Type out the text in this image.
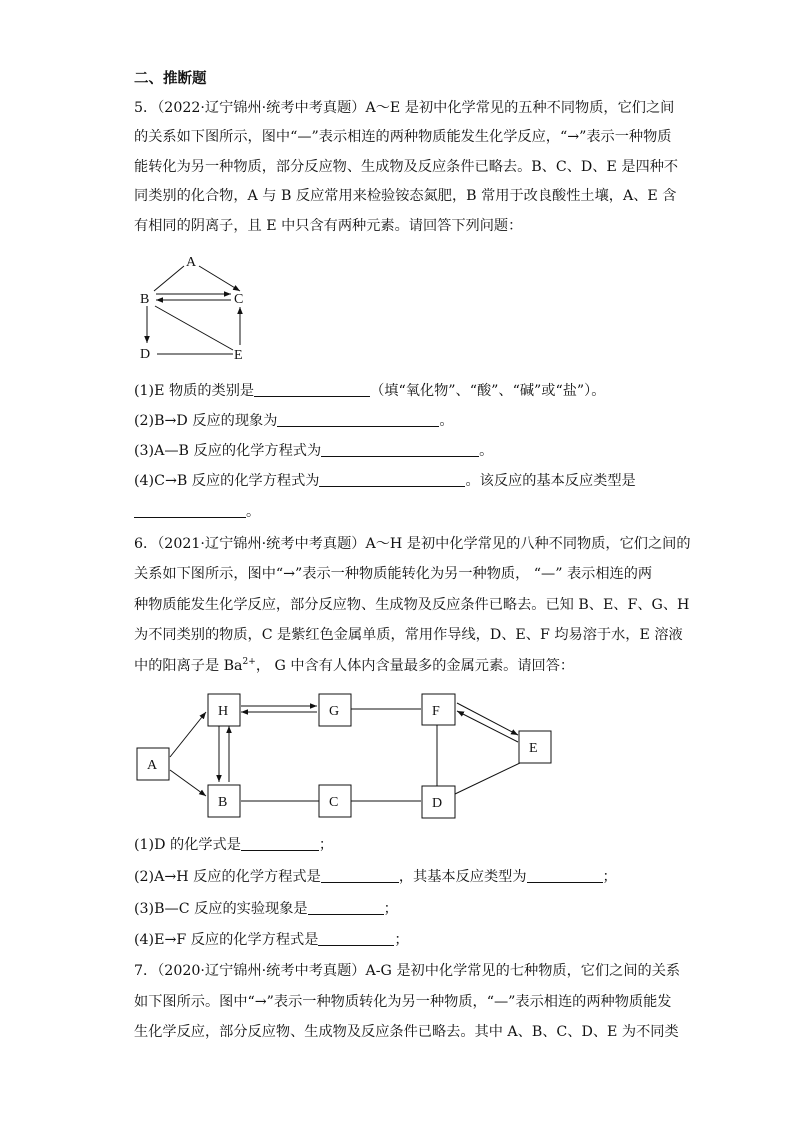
二、推断题
5．（2022·辽宁锦州·统考中考真题）A～E 是初中化学常见的五种不同物质，它们之间
的关系如下图所示，图中“—”表示相连的两种物质能发生化学反应，“→”表示一种物质
能转化为另一种物质，部分反应物、生成物及反应条件已略去。B、C、D、E 是四种不
同类别的化合物，A 与 B 反应常用来检验铵态氮肥，B 常用于改良酸性土壤，A、E 含
有相同的阴离子，且 E 中只含有两种元素。请回答下列问题：
A
B	C
D	E
(1)E 物质的类别是	（填“氧化物”、“酸”、“碱”或“盐”）。
(2)B→D 反应的现象为	。
(3)A—B 反应的化学方程式为	。
(4)C→B 反应的化学方程式为	。该反应的基本反应类型是
。
6．（2021·辽宁锦州·统考中考真题）A～H 是初中化学常见的八种不同物质，它们之间的
关系如下图所示，图中“→”表示一种物质能转化为另一种物质， “—” 表示相连的两
种物质能发生化学反应，部分反应物、生成物及反应条件已略去。已知 B、E、F、G、H
为不同类别的物质，C 是紫红色金属单质，常用作导线，D、E、F 均易溶于水，E 溶液
中的阳离子是 $Ba^{2+}$， G 中含有人体内含量最多的金属元素。请回答：
A
H	G	F
E
B	C	D
(1)D 的化学式是	；
(2)A→H 反应的化学方程式是	，其基本反应类型为	；
(3)B—C 反应的实验现象是	；
(4)E→F 反应的化学方程式是	；
7．（2020·辽宁锦州·统考中考真题）A-G 是初中化学常见的七种物质，它们之间的关系
如下图所示。图中“→”表示一种物质转化为另一种物质，“—”表示相连的两种物质能发
生化学反应，部分反应物、生成物及反应条件已略去。其中 A、B、C、D、E 为不同类
